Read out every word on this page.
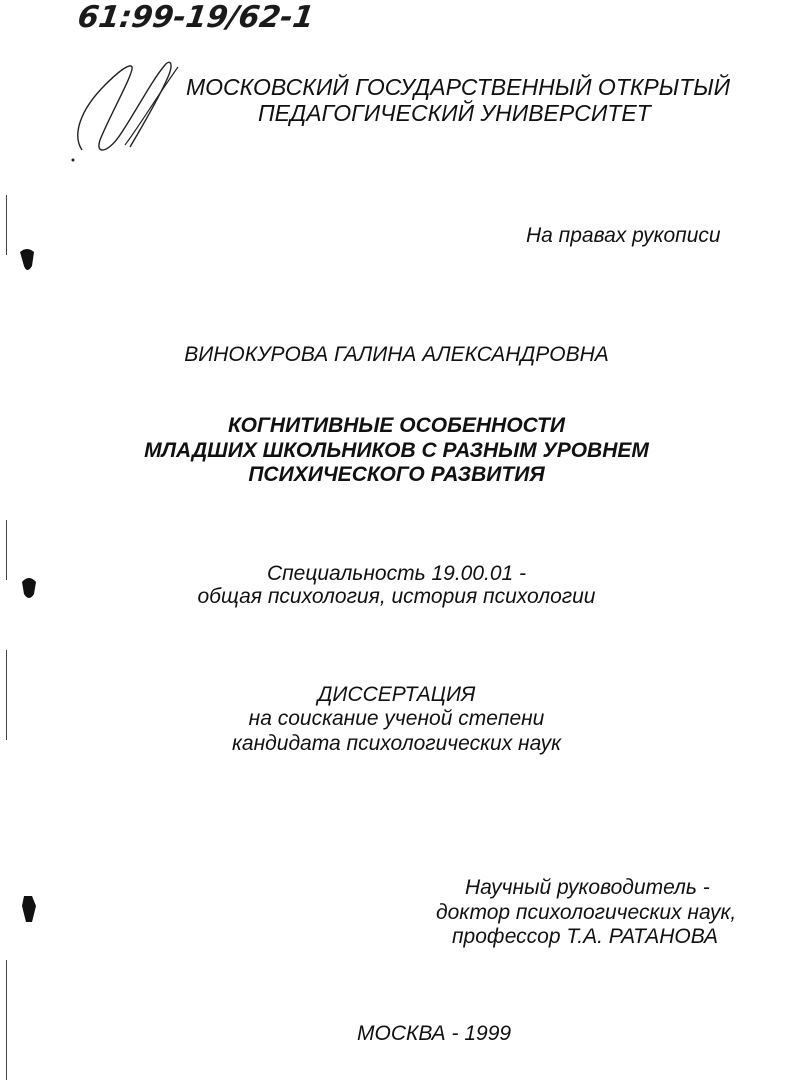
61:99-19/62-1
МОСКОВСКИЙ ГОСУДАРСТВЕННЫЙ ОТКРЫТЫЙ
ПЕДАГОГИЧЕСКИЙ УНИВЕРСИТЕТ
На правах рукописи
ВИНОКУРОВА ГАЛИНА АЛЕКСАНДРОВНА
КОГНИТИВНЫЕ ОСОБЕННОСТИ
МЛАДШИХ ШКОЛЬНИКОВ С РАЗНЫМ УРОВНЕМ
ПСИХИЧЕСКОГО РАЗВИТИЯ
Специальность 19.00.01 -
общая психология, история психологии
ДИССЕРТАЦИЯ
на соискание ученой степени
кандидата психологических наук
Научный руководитель -
доктор психологических наук,
профессор Т.А. РАТАНОВА
МОСКВА - 1999
